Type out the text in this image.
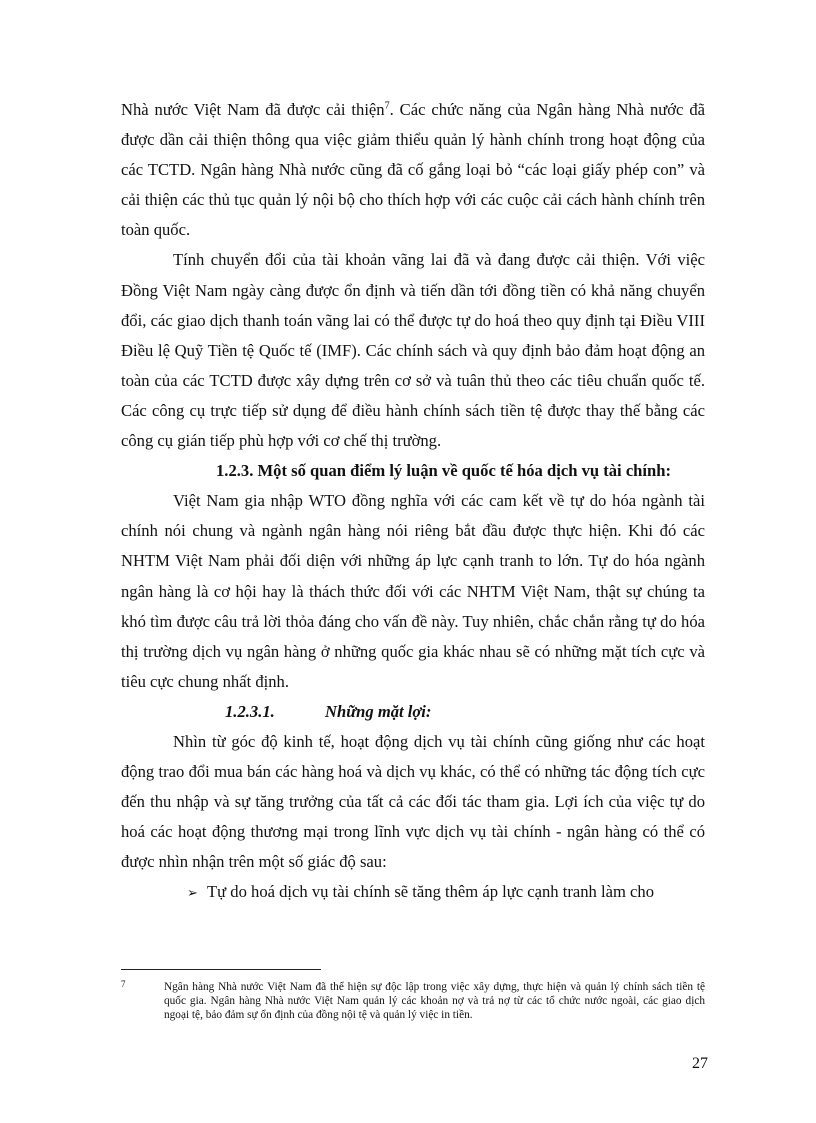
Nhà nước Việt Nam đã được cải thiện$^7$. Các chức năng của Ngân hàng Nhà nước đã được dần cải thiện thông qua việc giảm thiểu quản lý hành chính trong hoạt động của các TCTD. Ngân hàng Nhà nước cũng đã cố gắng loại bỏ “các loại giấy phép con” và cải thiện các thủ tục quản lý nội bộ cho thích hợp với các cuộc cải cách hành chính trên toàn quốc.

Tính chuyển đổi của tài khoản vãng lai đã và đang được cải thiện. Với việc Đồng Việt Nam ngày càng được ổn định và tiến dần tới đồng tiền có khả năng chuyển đổi, các giao dịch thanh toán vãng lai có thể được tự do hoá theo quy định tại Điều VIII Điều lệ Quỹ Tiền tệ Quốc tế (IMF). Các chính sách và quy định bảo đảm hoạt động an toàn của các TCTD được xây dựng trên cơ sở và tuân thủ theo các tiêu chuẩn quốc tế. Các công cụ trực tiếp sử dụng để điều hành chính sách tiền tệ được thay thế bằng các công cụ gián tiếp phù hợp với cơ chế thị trường.

1.2.3. Một số quan điểm lý luận về quốc tế hóa dịch vụ tài chính:

Việt Nam gia nhập WTO đồng nghĩa với các cam kết về tự do hóa ngành tài chính nói chung và ngành ngân hàng nói riêng bắt đầu được thực hiện. Khi đó các NHTM Việt Nam phải đối diện với những áp lực cạnh tranh to lớn. Tự do hóa ngành ngân hàng là cơ hội hay là thách thức đối với các NHTM Việt Nam, thật sự chúng ta khó tìm được câu trả lời thỏa đáng cho vấn đề này. Tuy nhiên, chắc chắn rằng tự do hóa thị trường dịch vụ ngân hàng ở những quốc gia khác nhau sẽ có những mặt tích cực và tiêu cực chung nhất định.

1.2.3.1.	Những mặt lợi:

Nhìn từ góc độ kinh tế, hoạt động dịch vụ tài chính cũng giống như các hoạt động trao đổi mua bán các hàng hoá và dịch vụ khác, có thể có những tác động tích cực đến thu nhập và sự tăng trưởng của tất cả các đối tác tham gia. Lợi ích của việc tự do hoá các hoạt động thương mại trong lĩnh vực dịch vụ tài chính - ngân hàng có thể có được nhìn nhận trên một số giác độ sau:

➢ Tự do hoá dịch vụ tài chính sẽ tăng thêm áp lực cạnh tranh làm cho

7	Ngân hàng Nhà nước Việt Nam đã thể hiện sự độc lập trong việc xây dựng, thực hiện và quản lý chính sách tiền tệ quốc gia. Ngân hàng Nhà nước Việt Nam quản lý các khoản nợ và trả nợ từ các tổ chức nước ngoài, các giao dịch ngoại tệ, bảo đảm sự ổn định của đồng nội tệ và quản lý việc in tiền.
27
